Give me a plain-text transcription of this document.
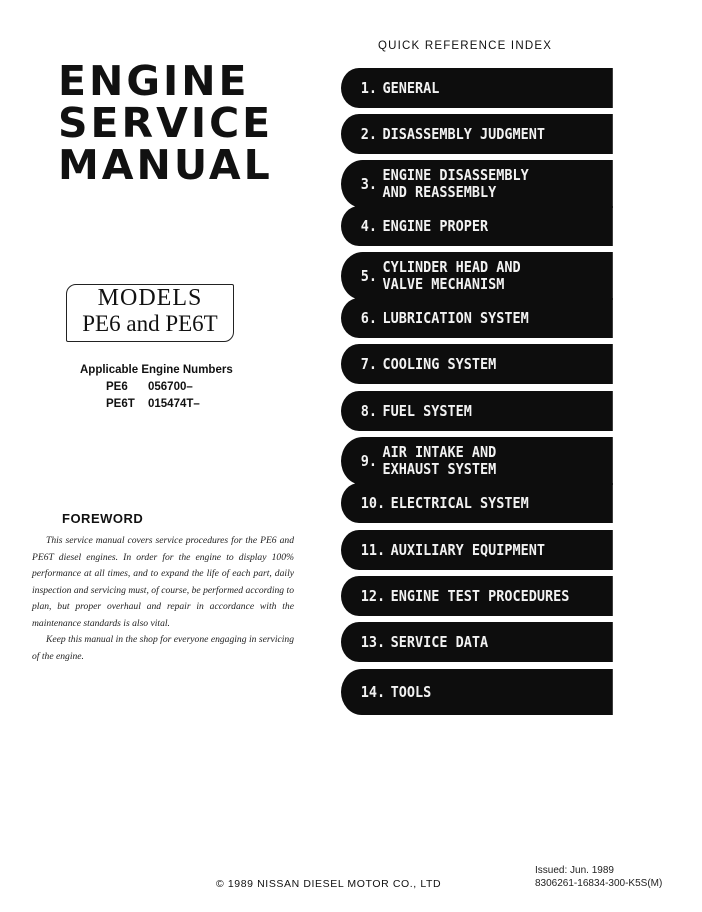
ENGINE
SERVICE
MANUAL
MODELS
PE6 and PE6T
Applicable Engine Numbers
PE6 056700–
PE6T 015474T–
FOREWORD

This service manual covers service procedures for the PE6 and PE6T diesel engines. In order for the engine to display 100% performance at all times, and to expand the life of each part, daily inspection and servicing must, of course, be performed according to plan, but proper overhaul and repair in accordance with the maintenance standards is also vital.

Keep this manual in the shop for everyone engaging in servicing of the engine.

QUICK REFERENCE INDEX
1. GENERAL
2. DISASSEMBLY JUDGMENT
3. ENGINE DISASSEMBLY
AND REASSEMBLY
4. ENGINE PROPER
5. CYLINDER HEAD AND
VALVE MECHANISM
6. LUBRICATION SYSTEM
7. COOLING SYSTEM
8. FUEL SYSTEM
9. AIR INTAKE AND
EXHAUST SYSTEM
10. ELECTRICAL SYSTEM
11. AUXILIARY EQUIPMENT
12. ENGINE TEST PROCEDURES
13. SERVICE DATA
14. TOOLS
© 1989 NISSAN DIESEL MOTOR CO., LTD
Issued: Jun. 1989
8306261-16834-300-K5S(M)
